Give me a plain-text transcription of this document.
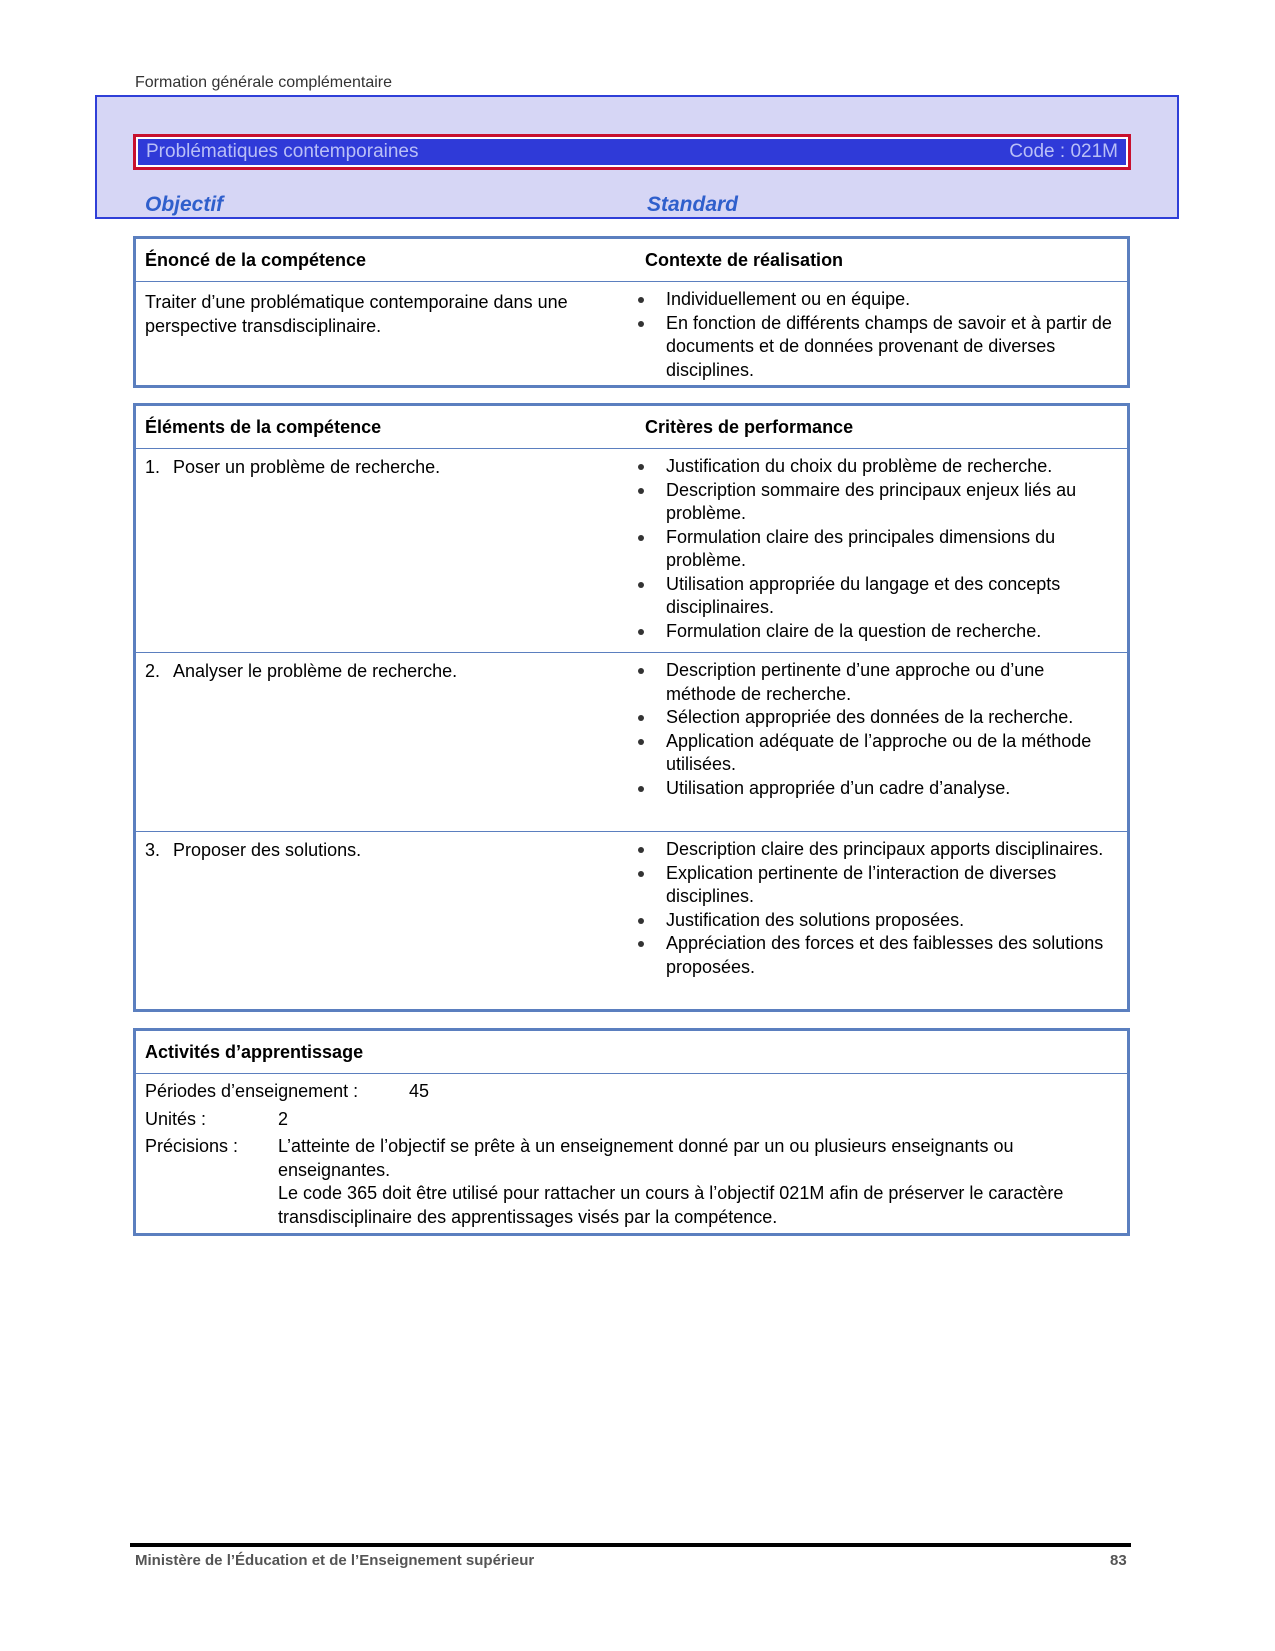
Formation générale complémentaire
Problématiques contemporaines	Code : 021M
Objectif	Standard
Énoncé de la compétence	Contexte de réalisation
Traiter d’une problématique contemporaine dans une perspective transdisciplinaire.
Individuellement ou en équipe.
En fonction de différents champs de savoir et à partir de documents et de données provenant de diverses disciplines.
Éléments de la compétence	Critères de performance
1. Poser un problème de recherche.	Justification du choix du problème de recherche.
Description sommaire des principaux enjeux liés au problème.
Formulation claire des principales dimensions du problème.
Utilisation appropriée du langage et des concepts disciplinaires.
Formulation claire de la question de recherche.
2. Analyser le problème de recherche.	Description pertinente d’une approche ou d’une méthode de recherche.
Sélection appropriée des données de la recherche.
Application adéquate de l’approche ou de la méthode utilisées.
Utilisation appropriée d’un cadre d’analyse.
3. Proposer des solutions.	Description claire des principaux apports disciplinaires.
Explication pertinente de l’interaction de diverses disciplines.
Justification des solutions proposées.
Appréciation des forces et des faiblesses des solutions proposées.
Activités d’apprentissage
Périodes d’enseignement :	45
Unités :	2
Précisions :	L’atteinte de l’objectif se prête à un enseignement donné par un ou plusieurs enseignants ou enseignantes.
Le code 365 doit être utilisé pour rattacher un cours à l’objectif 021M afin de préserver le caractère transdisciplinaire des apprentissages visés par la compétence.
Ministère de l’Éducation et de l’Enseignement supérieur	83
